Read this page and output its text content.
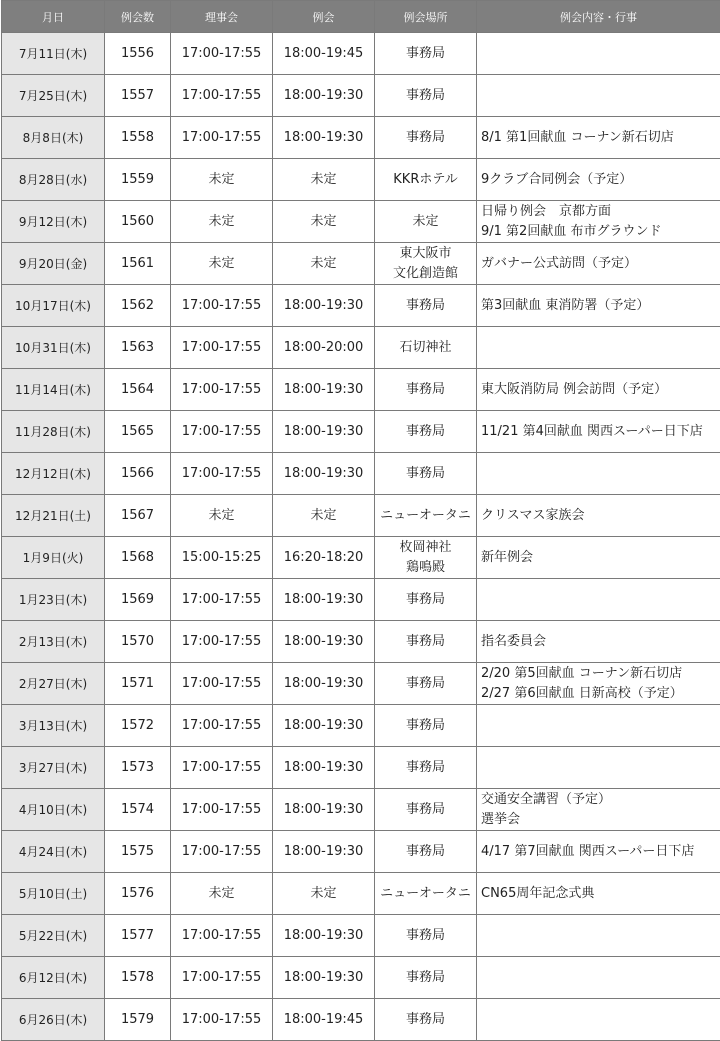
月日	例会数	理事会	例会	例会場所	例会内容・行事
7月11日(木)	1556	17:00-17:55	18:00-19:45	事務局	

7月25日(木)	1557	17:00-17:55	18:00-19:30	事務局	

8月8日(木)	1558	17:00-17:55	18:00-19:30	事務局	8/1 第1回献血 コーナン新石切店

8月28日(水)	1559	未定	未定	KKRホテル	9クラブ合同例会（予定）

9月12日(木)	1560	未定	未定	未定	日帰り例会　京都方面
9/1 第2回献血 布市グラウンド

9月20日(金)	1561	未定	未定	東大阪市
文化創造館	ガバナー公式訪問（予定）

10月17日(木)	1562	17:00-17:55	18:00-19:30	事務局	第3回献血 東消防署（予定）

10月31日(木)	1563	17:00-17:55	18:00-20:00	石切神社	

11月14日(木)	1564	17:00-17:55	18:00-19:30	事務局	東大阪消防局 例会訪問（予定）

11月28日(木)	1565	17:00-17:55	18:00-19:30	事務局	11/21 第4回献血 関西スーパー日下店

12月12日(木)	1566	17:00-17:55	18:00-19:30	事務局	

12月21日(土)	1567	未定	未定	ニューオータニ	クリスマス家族会

1月9日(火)	1568	15:00-15:25	16:20-18:20	枚岡神社
鶏鳴殿	新年例会

1月23日(木)	1569	17:00-17:55	18:00-19:30	事務局	

2月13日(木)	1570	17:00-17:55	18:00-19:30	事務局	指名委員会

2月27日(木)	1571	17:00-17:55	18:00-19:30	事務局	2/20 第5回献血 コーナン新石切店
2/27 第6回献血 日新高校（予定）

3月13日(木)	1572	17:00-17:55	18:00-19:30	事務局	

3月27日(木)	1573	17:00-17:55	18:00-19:30	事務局	

4月10日(木)	1574	17:00-17:55	18:00-19:30	事務局	交通安全講習（予定）
選挙会

4月24日(木)	1575	17:00-17:55	18:00-19:30	事務局	4/17 第7回献血 関西スーパー日下店

5月10日(土)	1576	未定	未定	ニューオータニ	CN65周年記念式典

5月22日(木)	1577	17:00-17:55	18:00-19:30	事務局	

6月12日(木)	1578	17:00-17:55	18:00-19:30	事務局	

6月26日(木)	1579	17:00-17:55	18:00-19:45	事務局	
